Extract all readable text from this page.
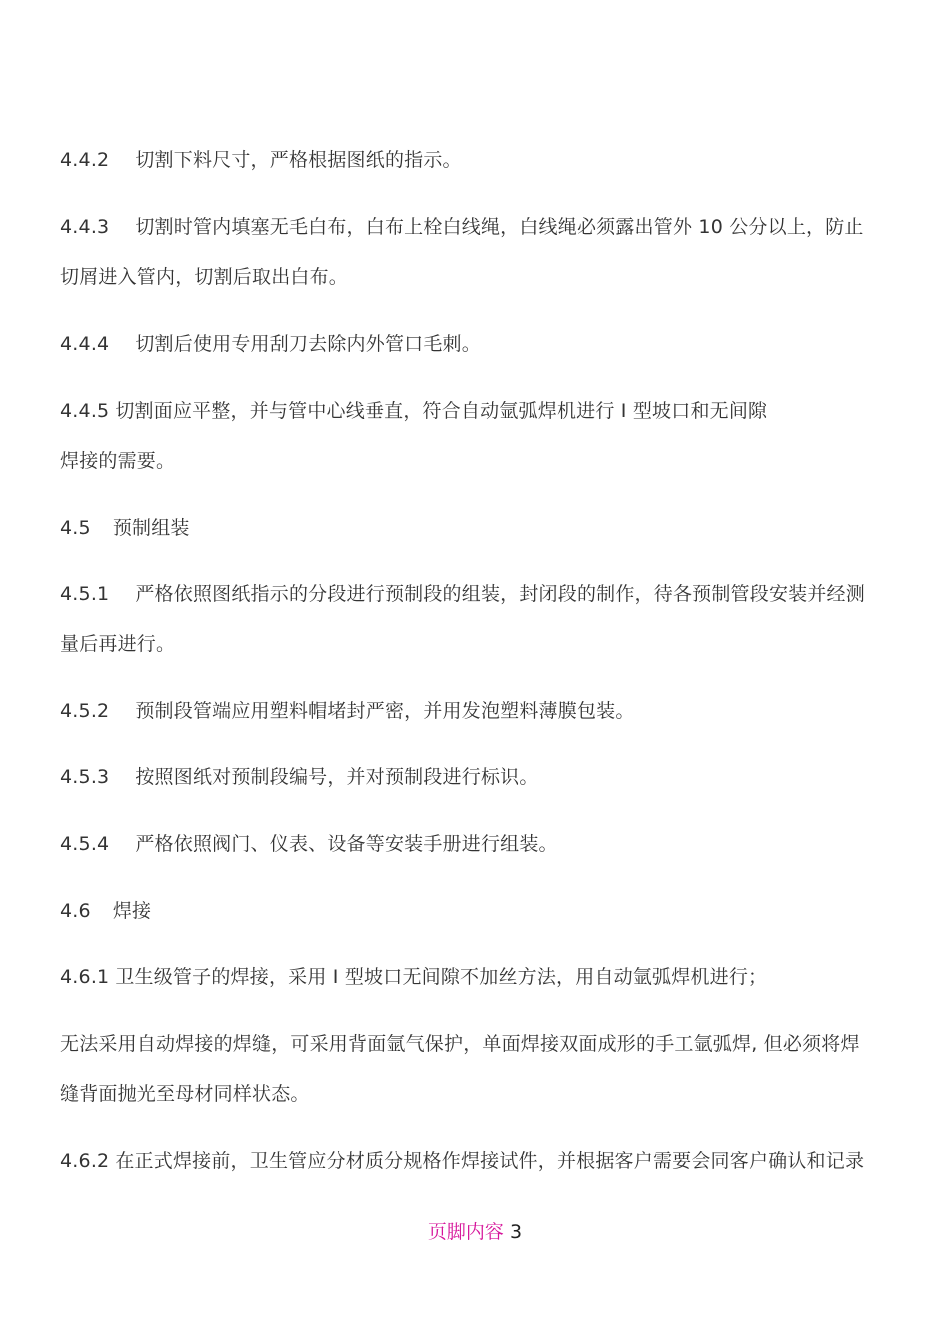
4.4.2 切割下料尺寸，严格根据图纸的指示。
4.4.3 切割时管内填塞无毛白布，白布上栓白线绳，白线绳必须露出管外 10 公分以上，防止
切屑进入管内，切割后取出白布。
4.4.4 切割后使用专用刮刀去除内外管口毛刺。
4.4.5 切割面应平整，并与管中心线垂直，符合自动氩弧焊机进行 I 型坡口和无间隙
焊接的需要。
4.5 预制组装
4.5.1 严格依照图纸指示的分段进行预制段的组装，封闭段的制作，待各预制管段安装并经测
量后再进行。
4.5.2 预制段管端应用塑料帽堵封严密，并用发泡塑料薄膜包装。
4.5.3 按照图纸对预制段编号，并对预制段进行标识。
4.5.4 严格依照阀门、仪表、设备等安装手册进行组装。
4.6 焊接
4.6.1 卫生级管子的焊接，采用 I 型坡口无间隙不加丝方法，用自动氩弧焊机进行；
无法采用自动焊接的焊缝，可采用背面氩气保护，单面焊接双面成形的手工氩弧焊, 但必须将焊
缝背面抛光至母材同样状态。
4.6.2 在正式焊接前，卫生管应分材质分规格作焊接试件，并根据客户需要会同客户确认和记录
页脚内容 3
